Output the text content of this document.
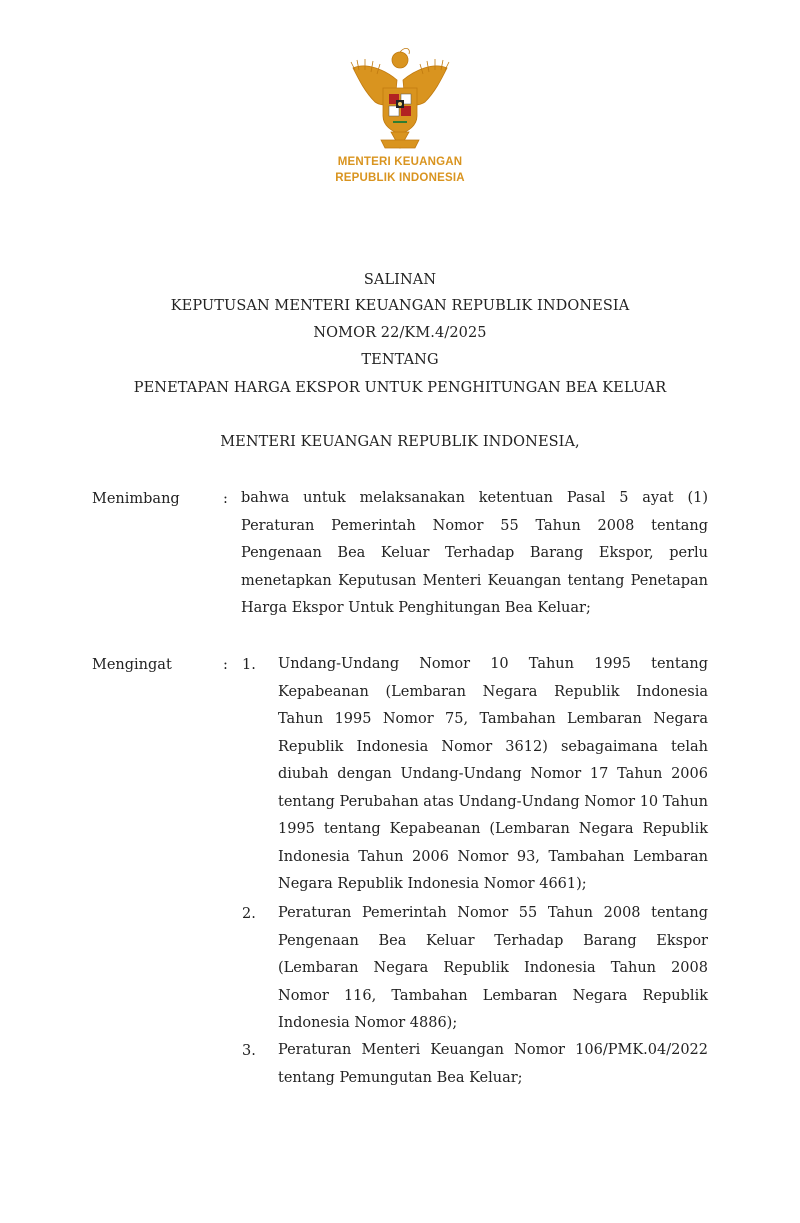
MENTERI KEUANGAN
REPUBLIK INDONESIA
SALINAN
KEPUTUSAN MENTERI KEUANGAN REPUBLIK INDONESIA
NOMOR 22/KM.4/2025
TENTANG
PENETAPAN HARGA EKSPOR UNTUK PENGHITUNGAN BEA KELUAR
MENTERI KEUANGAN REPUBLIK INDONESIA,
Menimbang	: bahwa untuk melaksanakan ketentuan Pasal 5 ayat (1) Peraturan Pemerintah Nomor 55 Tahun 2008 tentang Pengenaan Bea Keluar Terhadap Barang Ekspor, perlu menetapkan Keputusan Menteri Keuangan tentang Penetapan Harga Ekspor Untuk Penghitungan Bea Keluar;

Mengingat	: 1. Undang-Undang Nomor 10 Tahun 1995 tentang Kepabeanan (Lembaran Negara Republik Indonesia Tahun 1995 Nomor 75, Tambahan Lembaran Negara Republik Indonesia Nomor 3612) sebagaimana telah diubah dengan Undang-Undang Nomor 17 Tahun 2006 tentang Perubahan atas Undang-Undang Nomor 10 Tahun 1995 tentang Kepabeanan (Lembaran Negara Republik Indonesia Tahun 2006 Nomor 93, Tambahan Lembaran Negara Republik Indonesia Nomor 4661);

2. Peraturan Pemerintah Nomor 55 Tahun 2008 tentang Pengenaan Bea Keluar Terhadap Barang Ekspor (Lembaran Negara Republik Indonesia Tahun 2008 Nomor 116, Tambahan Lembaran Negara Republik Indonesia Nomor 4886);

3. Peraturan Menteri Keuangan Nomor 106/PMK.04/2022 tentang Pemungutan Bea Keluar;
